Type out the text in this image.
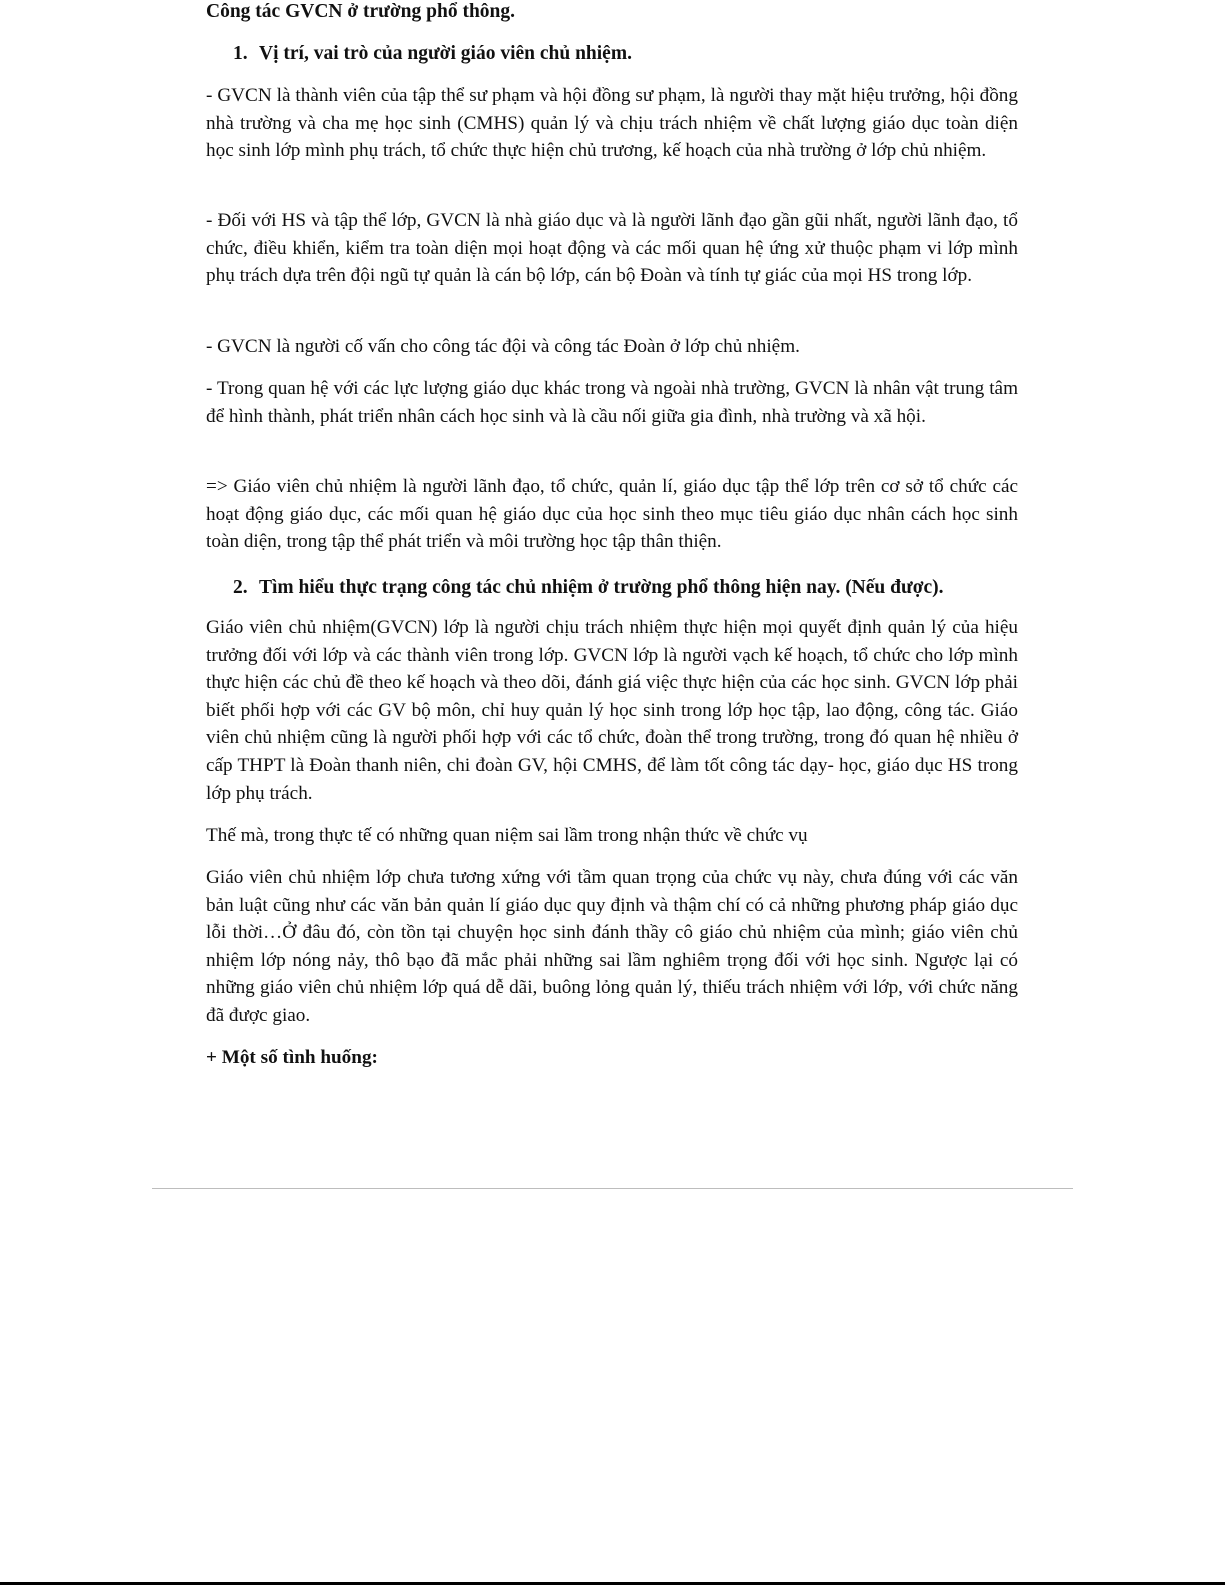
Công tác GVCN ở trường phổ thông.
1. Vị trí, vai trò của người giáo viên chủ nhiệm.

- GVCN là thành viên của tập thể sư phạm và hội đồng sư phạm, là người thay mặt hiệu trưởng, hội đồng nhà trường và cha mẹ học sinh (CMHS) quản lý và chịu trách nhiệm về chất lượng giáo dục toàn diện học sinh lớp mình phụ trách, tổ chức thực hiện chủ trương, kế hoạch của nhà trường ở lớp chủ nhiệm.

- Đối với HS và tập thể lớp, GVCN là nhà giáo dục và là người lãnh đạo gần gũi nhất, người lãnh đạo, tổ chức, điều khiển, kiểm tra toàn diện mọi hoạt động và các mối quan hệ ứng xử thuộc phạm vi lớp mình phụ trách dựa trên đội ngũ tự quản là cán bộ lớp, cán bộ Đoàn và tính tự giác của mọi HS trong lớp.

- GVCN là người cố vấn cho công tác đội và công tác Đoàn ở lớp chủ nhiệm.

- Trong quan hệ với các lực lượng giáo dục khác trong và ngoài nhà trường, GVCN là nhân vật trung tâm để hình thành, phát triển nhân cách học sinh và là cầu nối giữa gia đình, nhà trường và xã hội.

=> Giáo viên chủ nhiệm là người lãnh đạo, tổ chức, quản lí, giáo dục tập thể lớp trên cơ sở tổ chức các hoạt động giáo dục, các mối quan hệ giáo dục của học sinh theo mục tiêu giáo dục nhân cách học sinh toàn diện, trong tập thể phát triển và môi trường học tập thân thiện.

2. Tìm hiểu thực trạng công tác chủ nhiệm ở trường phổ thông hiện nay. (Nếu được).

Giáo viên chủ nhiệm(GVCN) lớp là người chịu trách nhiệm thực hiện mọi quyết định quản lý của hiệu trưởng đối với lớp và các thành viên trong lớp. GVCN lớp là người vạch kế hoạch, tổ chức cho lớp mình thực hiện các chủ đề theo kế hoạch và theo dõi, đánh giá việc thực hiện của các học sinh. GVCN lớp phải biết phối hợp với các GV bộ môn, chỉ huy quản lý học sinh trong lớp học tập, lao động, công tác. Giáo viên chủ nhiệm cũng là người phối hợp với các tổ chức, đoàn thể trong trường, trong đó quan hệ nhiều ở cấp THPT là Đoàn thanh niên, chi đoàn GV, hội CMHS, để làm tốt công tác dạy- học, giáo dục HS trong lớp phụ trách.

Thế mà, trong thực tế có những quan niệm sai lầm trong nhận thức về chức vụ

Giáo viên chủ nhiệm lớp chưa tương xứng với tầm quan trọng của chức vụ này, chưa đúng với các văn bản luật cũng như các văn bản quản lí giáo dục quy định và thậm chí có cả những phương pháp giáo dục lỗi thời…Ở đâu đó, còn tồn tại chuyện học sinh đánh thầy cô giáo chủ nhiệm của mình; giáo viên chủ nhiệm lớp nóng nảy, thô bạo đã mắc phải những sai lầm nghiêm trọng đối với học sinh. Ngược lại có những giáo viên chủ nhiệm lớp quá dễ dãi, buông lỏng quản lý, thiếu trách nhiệm với lớp, với chức năng đã được giao.

+ Một số tình huống:
